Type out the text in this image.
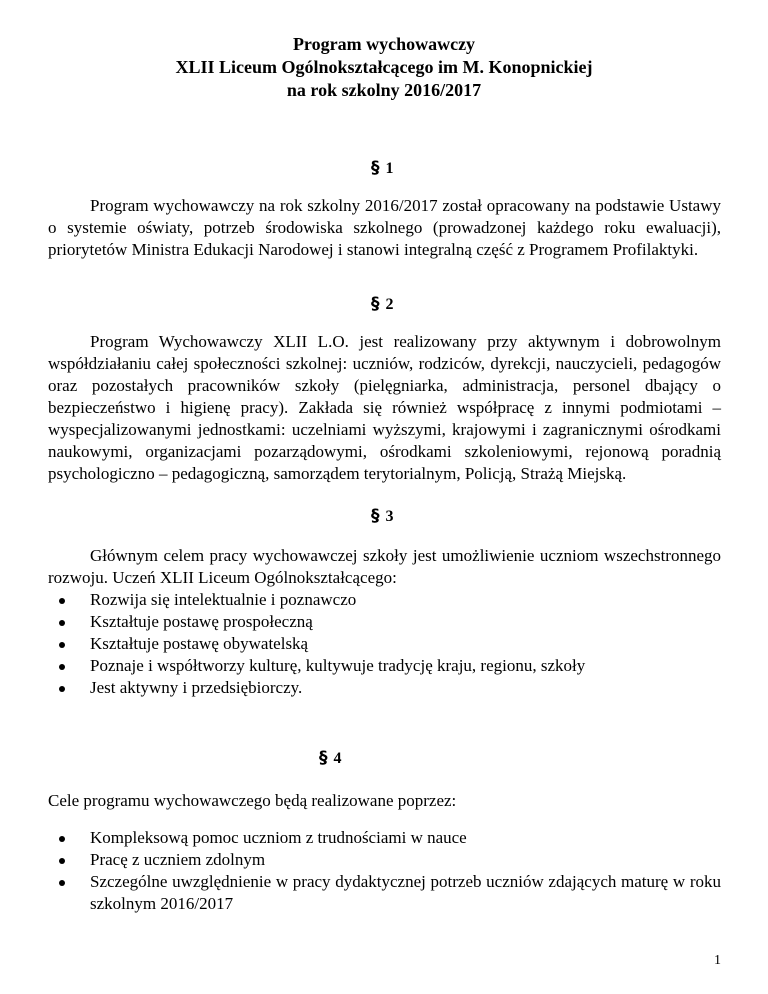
Program wychowawczy
XLII Liceum Ogólnokształcącego im M. Konopnickiej
na rok szkolny 2016/2017
§ 1

Program wychowawczy na rok szkolny 2016/2017 został opracowany na podstawie Ustawy o systemie oświaty, potrzeb środowiska szkolnego (prowadzonej każdego roku ewaluacji), priorytetów Ministra Edukacji Narodowej i stanowi integralną część z Programem Profilaktyki.

§ 2

Program Wychowawczy XLII L.O. jest realizowany przy aktywnym i dobrowolnym współdziałaniu całej społeczności szkolnej: uczniów, rodziców, dyrekcji, nauczycieli, pedagogów oraz pozostałych pracowników szkoły (pielęgniarka, administracja, personel dbający o bezpieczeństwo i higienę pracy). Zakłada się również współpracę z innymi podmiotami – wyspecjalizowanymi jednostkami: uczelniami wyższymi, krajowymi i zagranicznymi ośrodkami naukowymi, organizacjami pozarządowymi, ośrodkami szkoleniowymi, rejonową poradnią psychologiczno – pedagogiczną, samorządem terytorialnym, Policją, Strażą Miejską.

§ 3

Głównym celem pracy wychowawczej szkoły jest umożliwienie uczniom wszechstronnego rozwoju. Uczeń XLII Liceum Ogólnokształcącego:

Rozwija się intelektualnie i poznawczo
Kształtuje postawę prospołeczną
Kształtuje postawę obywatelską
Poznaje i współtworzy kulturę, kultywuje tradycję kraju, regionu, szkoły
Jest aktywny i przedsiębiorczy.
§ 4

Cele programu wychowawczego będą realizowane poprzez:

Kompleksową pomoc uczniom z trudnościami w nauce
Pracę z uczniem zdolnym
Szczególne uwzględnienie w pracy dydaktycznej potrzeb uczniów zdających maturę w roku szkolnym 2016/2017
1
